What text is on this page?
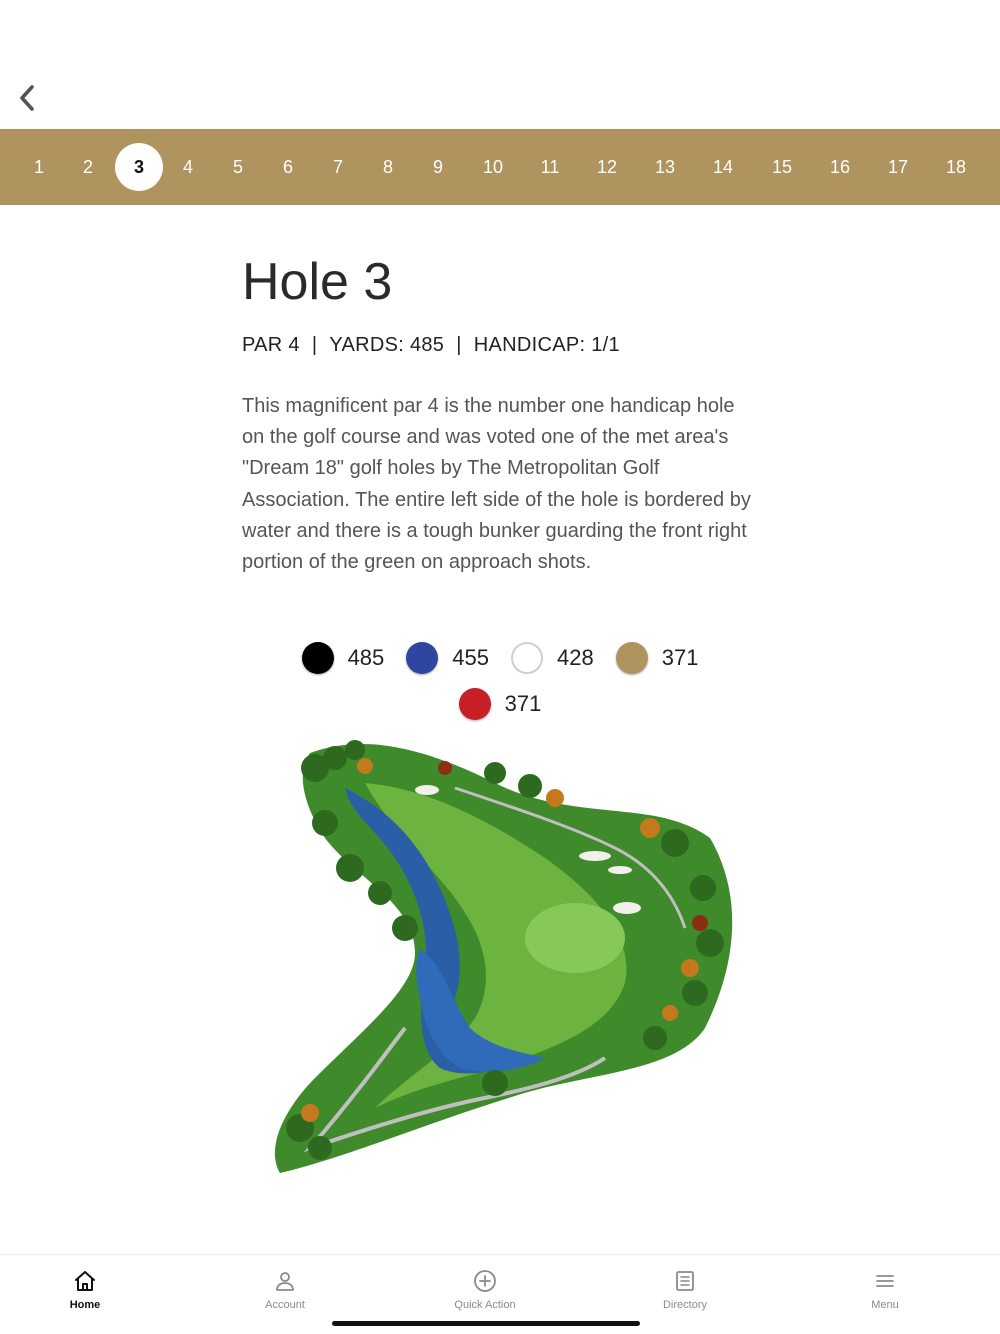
1	2	3	4	5	6	7	8	9	10	11	12	13	14	15	16	17	18
Hole 3
PAR 4 | YARDS: 485 | HANDICAP: 1/1

This magnificent par 4 is the number one handicap hole on the golf course and was voted one of the met area's "Dream 18" golf holes by The Metropolitan Golf Association. The entire left side of the hole is bordered by water and there is a tough bunker guarding the front right portion of the green on approach shots.

485	455	428	371
371
Home	Account	Quick Action	Directory	Menu
